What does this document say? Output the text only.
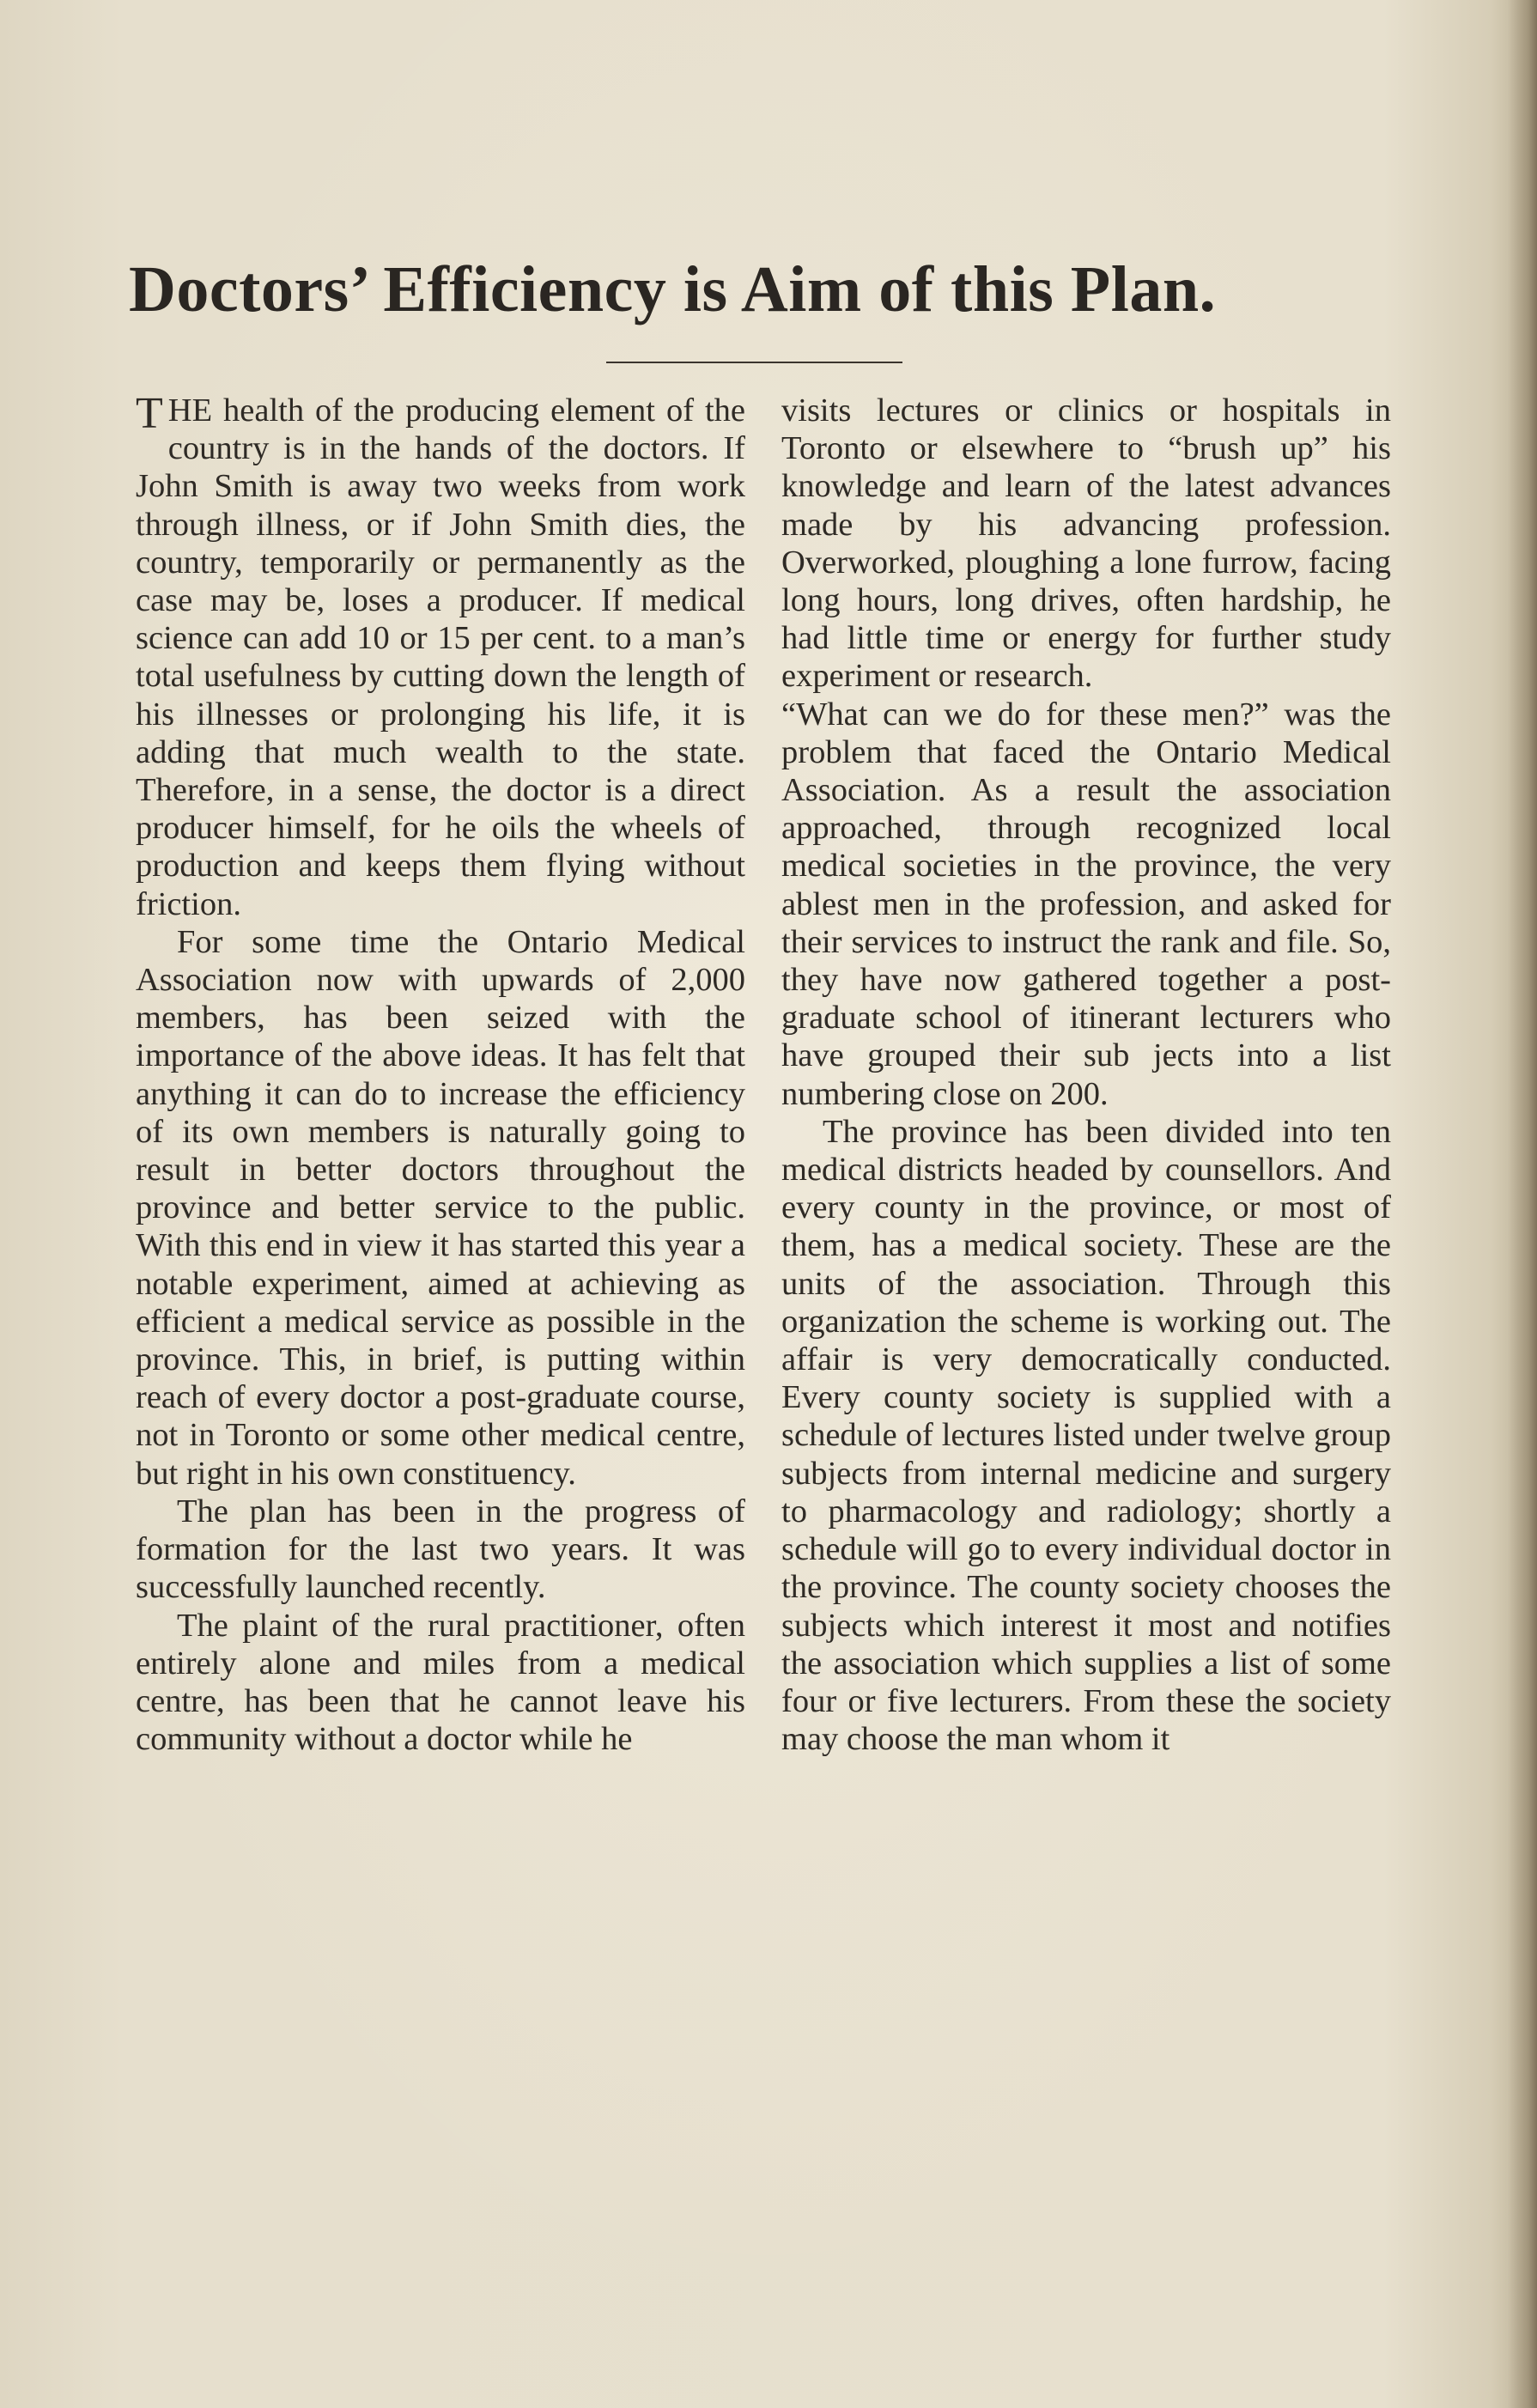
Doctors’ Efficiency is Aim of this Plan.

T HE health of the producing element of the country is in the hands of the doctors. If John Smith is away two weeks from work through illness, or if John Smith dies, the country, temporarily or permanently as the case may be, loses a producer. If medical science can add 10 or 15 per cent. to a man’s total usefulness by cutting down the length of his illnesses or prolonging his life, it is adding that much wealth to the state. Therefore, in a sense, the doctor is a direct producer himself, for he oils the wheels of production and keeps them flying without friction.

For some time the Ontario Medical Association now with upwards of 2,000 members, has been seized with the importance of the above ideas. It has felt that anything it can do to increase the efficiency of its own members is naturally going to result in better doctors throughout the province and better service to the public. With this end in view it has started this year a notable experiment, aimed at achieving as efficient a medical service as possible in the province. This, in brief, is putting within reach of every doctor a post-graduate course, not in Toronto or some other medical centre, but right in his own constituency.

The plan has been in the progress of formation for the last two years. It was successfully launched recently.

The plaint of the rural practitioner, often entirely alone and miles from a medical centre, has been that he cannot leave his community without a doctor while he

visits lectures or clinics or hospitals in Toronto or elsewhere to “brush up” his knowledge and learn of the latest advances made by his advancing profession. Overworked, ploughing a lone furrow, facing long hours, long drives, often hardship, he had little time or energy for further study experiment or research.

“What can we do for these men?” was the problem that faced the Ontario Medical Association. As a result the association approached, through recognized local medical societies in the province, the very ablest men in the profession, and asked for their services to instruct the rank and file. So, they have now gathered together a post-graduate school of itinerant lecturers who have grouped their sub jects into a list numbering close on 200.

The province has been divided into ten medical districts headed by counsellors. And every county in the province, or most of them, has a medical society. These are the units of the association. Through this organization the scheme is working out. The affair is very democratically conducted. Every county society is supplied with a schedule of lectures listed under twelve group subjects from internal medicine and surgery to pharmacology and radiology; shortly a schedule will go to every individual doctor in the province. The county society chooses the subjects which interest it most and notifies the association which supplies a list of some four or five lecturers. From these the society may choose the man whom it
